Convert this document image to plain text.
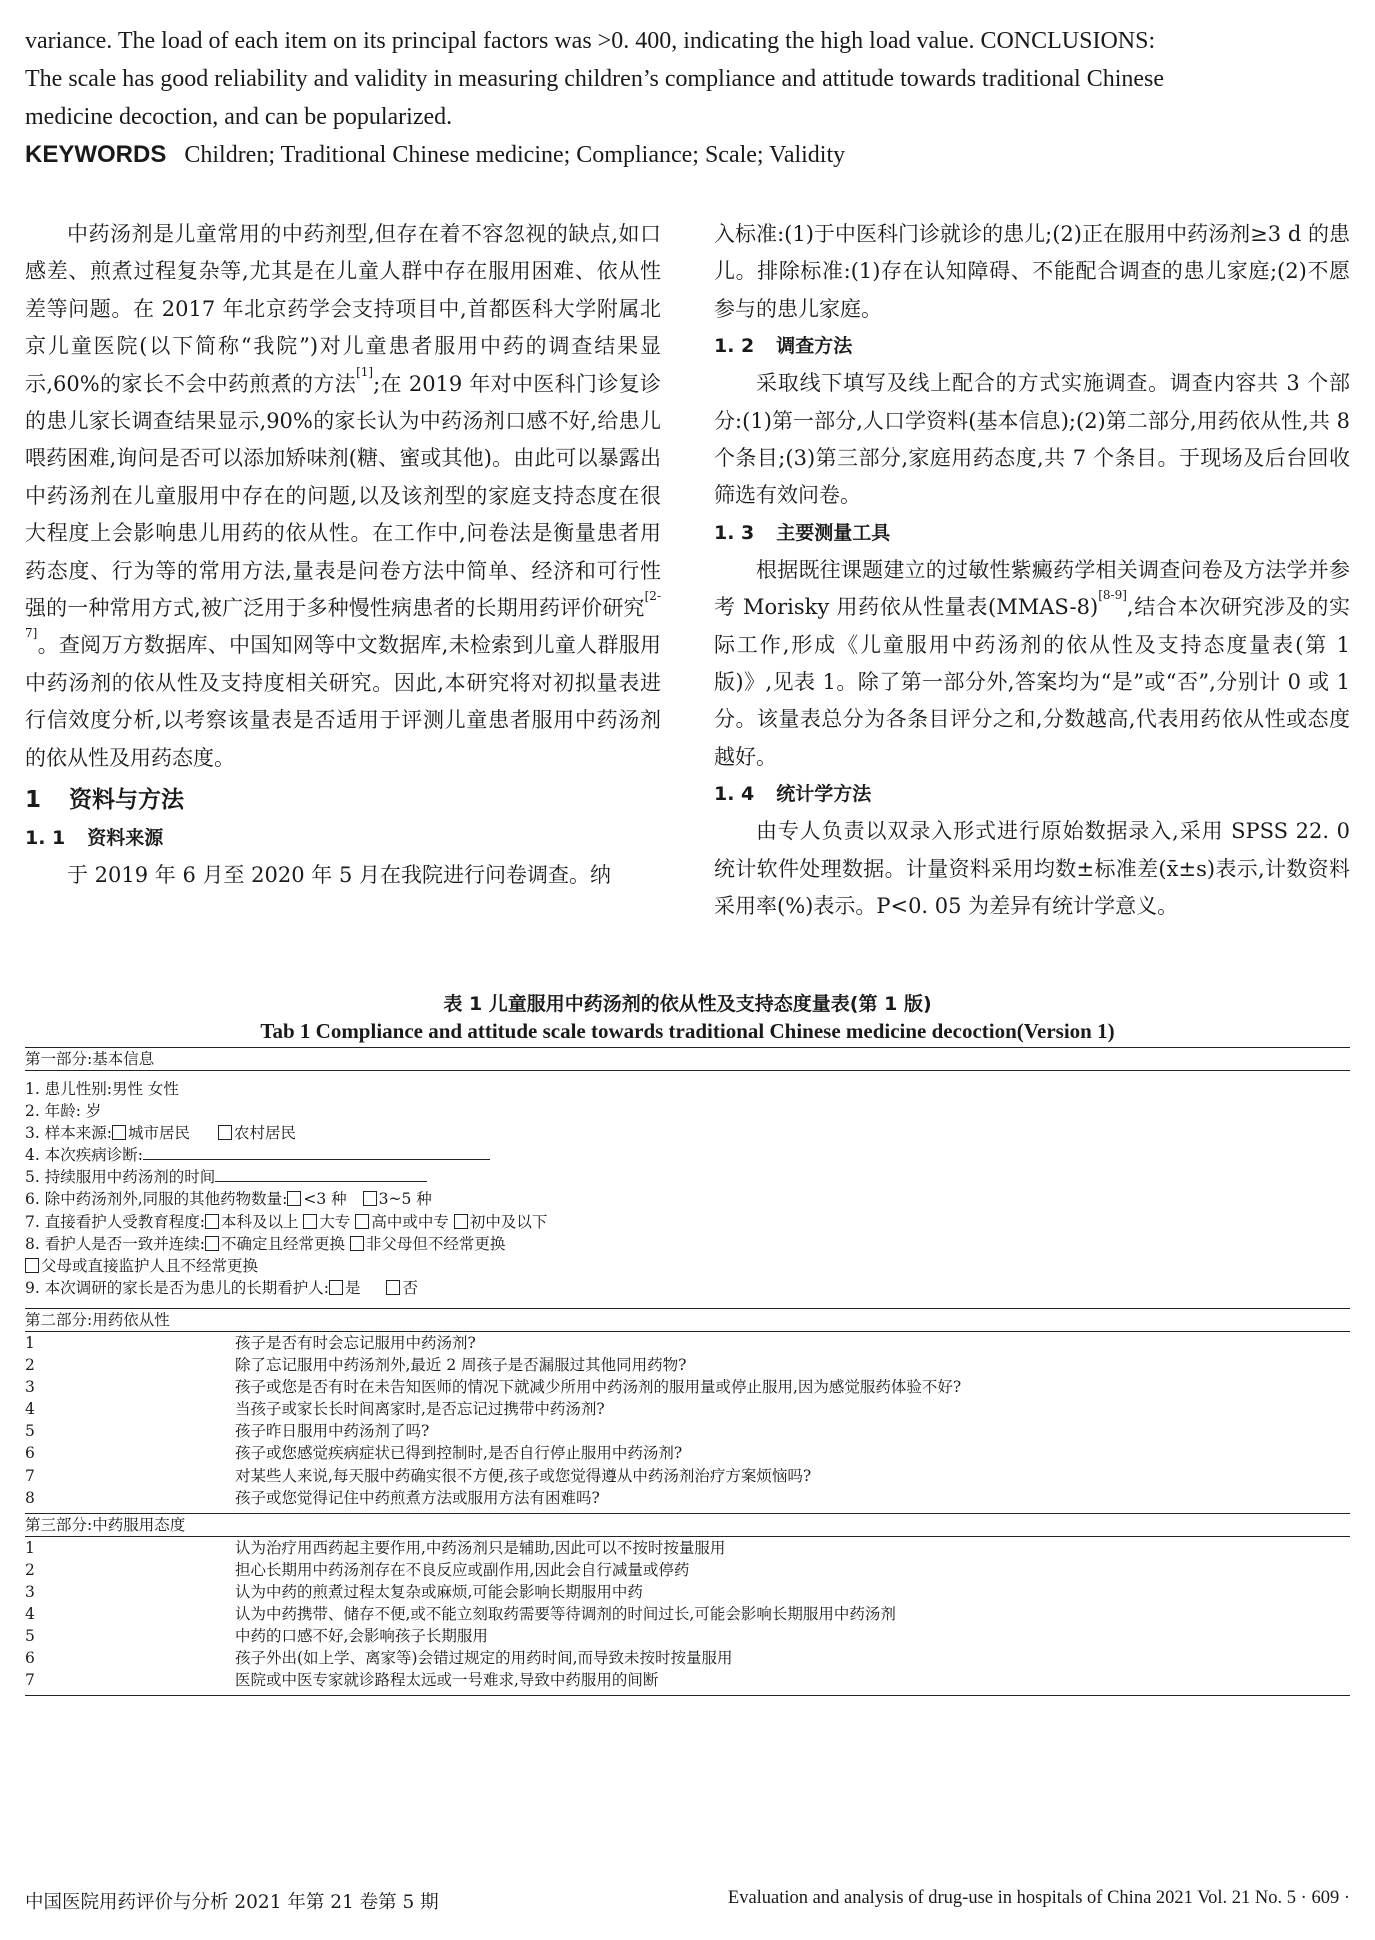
variance. The load of each item on its principal factors was >0. 400, indicating the high load value. CONCLUSIONS:
The scale has good reliability and validity in measuring children’s compliance and attitude towards traditional Chinese
medicine decoction, and can be popularized.
KEYWORDS Children; Traditional Chinese medicine; Compliance; Scale; Validity

中药汤剂是儿童常用的中药剂型,但存在着不容忽视的缺点,如口感差、煎煮过程复杂等,尤其是在儿童人群中存在服用困难、依从性差等问题。在 2017 年北京药学会支持项目中,首都医科大学附属北京儿童医院(以下简称“我院”)对儿童患者服用中药的调查结果显示,60%的家长不会中药煎煮的方法[1];在 2019 年对中医科门诊复诊的患儿家长调查结果显示,90%的家长认为中药汤剂口感不好,给患儿喂药困难,询问是否可以添加矫味剂(糖、蜜或其他)。由此可以暴露出中药汤剂在儿童服用中存在的问题,以及该剂型的家庭支持态度在很大程度上会影响患儿用药的依从性。在工作中,问卷法是衡量患者用药态度、行为等的常用方法,量表是问卷方法中简单、经济和可行性强的一种常用方式,被广泛用于多种慢性病患者的长期用药评价研究[2-7]。查阅万方数据库、中国知网等中文数据库,未检索到儿童人群服用中药汤剂的依从性及支持度相关研究。因此,本研究将对初拟量表进行信效度分析,以考察该量表是否适用于评测儿童患者服用中药汤剂的依从性及用药态度。

1 资料与方法
1. 1 资料来源

于 2019 年 6 月至 2020 年 5 月在我院进行问卷调查。纳

入标准:(1)于中医科门诊就诊的患儿;(2)正在服用中药汤剂≥3 d 的患儿。排除标准:(1)存在认知障碍、不能配合调查的患儿家庭;(2)不愿参与的患儿家庭。

1. 2 调查方法

采取线下填写及线上配合的方式实施调查。调查内容共 3 个部分:(1)第一部分,人口学资料(基本信息);(2)第二部分,用药依从性,共 8 个条目;(3)第三部分,家庭用药态度,共 7 个条目。于现场及后台回收筛选有效问卷。

1. 3 主要测量工具

根据既往课题建立的过敏性紫癜药学相关调查问卷及方法学并参考 Morisky 用药依从性量表(MMAS-8)[8-9],结合本次研究涉及的实际工作,形成《儿童服用中药汤剂的依从性及支持态度量表(第 1 版)》,见表 1。除了第一部分外,答案均为“是”或“否”,分别计 0 或 1 分。该量表总分为各条目评分之和,分数越高,代表用药依从性或态度越好。

1. 4 统计学方法

由专人负责以双录入形式进行原始数据录入,采用 SPSS 22. 0 统计软件处理数据。计量资料采用均数±标准差(x̄±s)表示,计数资料采用率(%)表示。P<0. 05 为差异有统计学意义。

表 1 儿童服用中药汤剂的依从性及支持态度量表(第 1 版)
Tab 1 Compliance and attitude scale towards traditional Chinese medicine decoction(Version 1)
第一部分:基本信息
1. 患儿性别:男性 女性
2. 年龄: 岁
3. 样本来源: 城市居民	农村居民
4. 本次疾病诊断:
5. 持续服用中药汤剂的时间
6. 除中药汤剂外,同服的其他药物数量: <3 种 3~5 种
7. 直接看护人受教育程度: 本科及以上 大专 高中或中专 初中及以下
8. 看护人是否一致并连续: 不确定且经常更换 非父母但不经常更换
父母或直接监护人且不经常更换
9. 本次调研的家长是否为患儿的长期看护人: 是	否
第二部分:用药依从性
1	孩子是否有时会忘记服用中药汤剂?
2	除了忘记服用中药汤剂外,最近 2 周孩子是否漏服过其他同用药物?
3	孩子或您是否有时在未告知医师的情况下就减少所用中药汤剂的服用量或停止服用,因为感觉服药体验不好?
4	当孩子或家长长时间离家时,是否忘记过携带中药汤剂?
5	孩子昨日服用中药汤剂了吗?
6	孩子或您感觉疾病症状已得到控制时,是否自行停止服用中药汤剂?
7	对某些人来说,每天服中药确实很不方便,孩子或您觉得遵从中药汤剂治疗方案烦恼吗?
8	孩子或您觉得记住中药煎煮方法或服用方法有困难吗?
第三部分:中药服用态度
1	认为治疗用西药起主要作用,中药汤剂只是辅助,因此可以不按时按量服用
2	担心长期用中药汤剂存在不良反应或副作用,因此会自行减量或停药
3	认为中药的煎煮过程太复杂或麻烦,可能会影响长期服用中药
4	认为中药携带、储存不便,或不能立刻取药需要等待调剂的时间过长,可能会影响长期服用中药汤剂
5	中药的口感不好,会影响孩子长期服用
6	孩子外出(如上学、离家等)会错过规定的用药时间,而导致未按时按量服用
7	医院或中医专家就诊路程太远或一号难求,导致中药服用的间断
中国医院用药评价与分析 2021 年第 21 卷第 5 期	Evaluation and analysis of drug-use in hospitals of China 2021 Vol. 21 No. 5 · 609 ·
